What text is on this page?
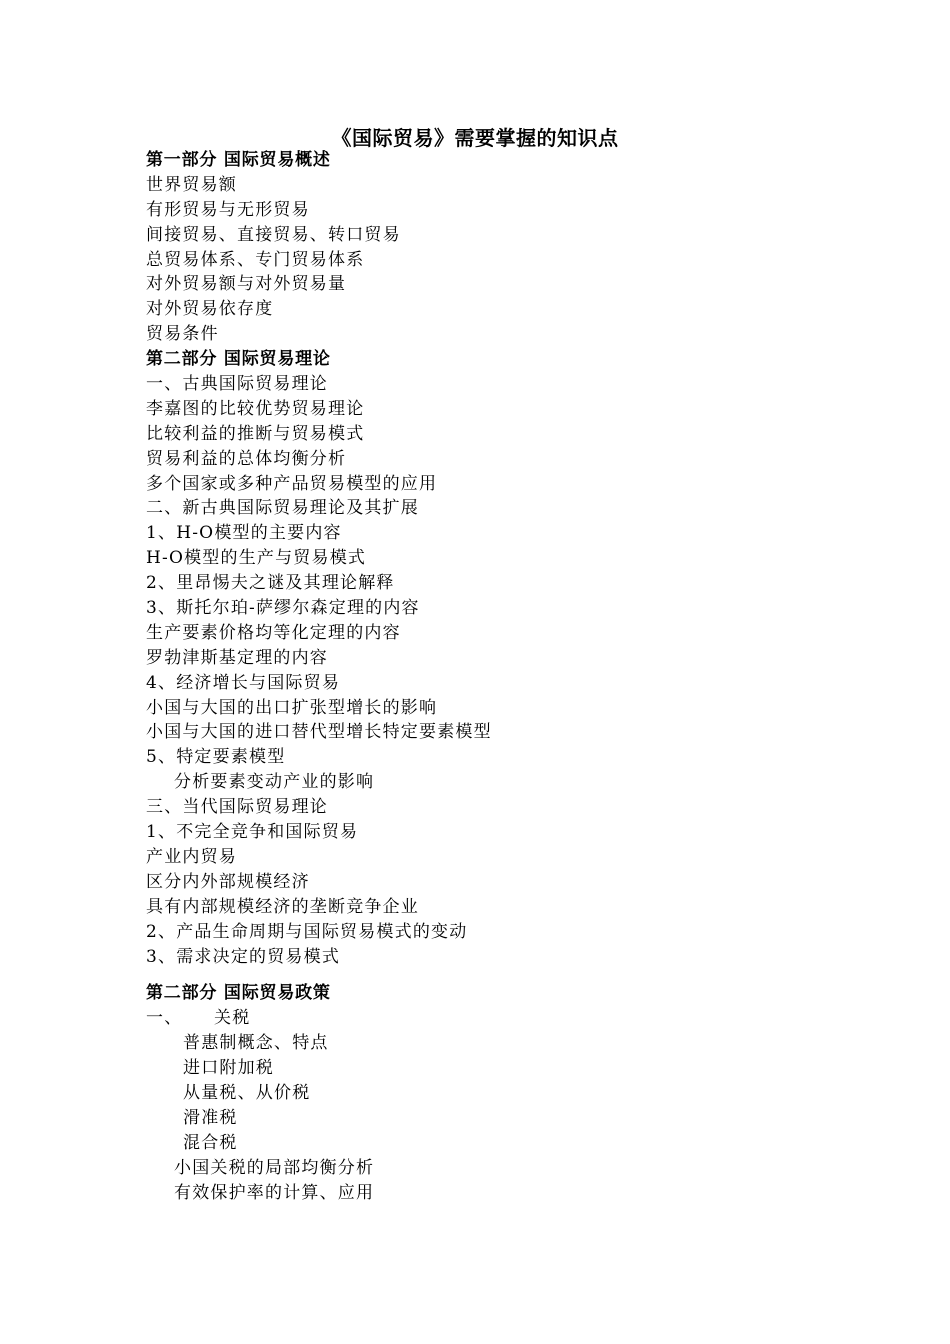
《国际贸易》需要掌握的知识点
第一部分 国际贸易概述
世界贸易额
有形贸易与无形贸易
间接贸易、直接贸易、转口贸易
总贸易体系、专门贸易体系
对外贸易额与对外贸易量
对外贸易依存度
贸易条件
第二部分 国际贸易理论
一、古典国际贸易理论
李嘉图的比较优势贸易理论
比较利益的推断与贸易模式
贸易利益的总体均衡分析
多个国家或多种产品贸易模型的应用
二、新古典国际贸易理论及其扩展
1、H-O模型的主要内容
H-O模型的生产与贸易模式
2、里昂惕夫之谜及其理论解释
3、斯托尔珀-萨缪尔森定理的内容
生产要素价格均等化定理的内容
罗勃津斯基定理的内容
4、经济增长与国际贸易
小国与大国的出口扩张型增长的影响
小国与大国的进口替代型增长特定要素模型
5、特定要素模型
分析要素变动产业的影响
三、当代国际贸易理论
1、不完全竞争和国际贸易
产业内贸易
区分内外部规模经济
具有内部规模经济的垄断竞争企业
2、产品生命周期与国际贸易模式的变动
3、需求决定的贸易模式
第二部分 国际贸易政策
一、 关税
普惠制概念、特点
进口附加税
从量税、从价税
滑准税
混合税
小国关税的局部均衡分析
有效保护率的计算、应用
